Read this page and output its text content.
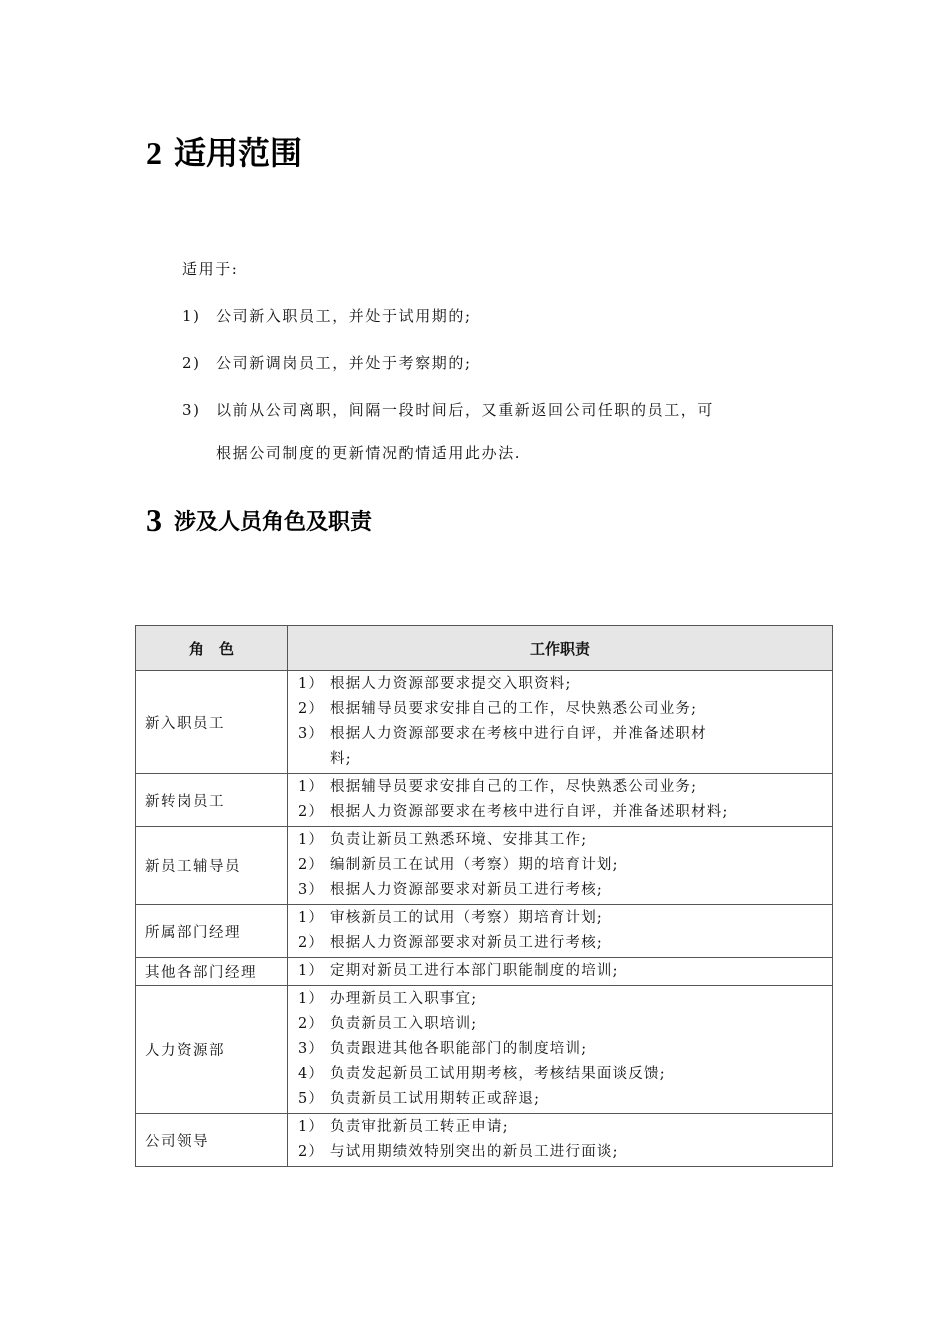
2 适用范围

适用于:

1) 公司新入职员工，并处于试用期的;

2) 公司新调岗员工，并处于考察期的;

3) 以前从公司离职，间隔一段时间后，又重新返回公司任职的员工，可
根据公司制度的更新情况酌情适用此办法.

3 涉及人员角色及职责
角　色	工作职责
新入职员工	1） 根据人力资源部要求提交入职资料;
2） 根据辅导员要求安排自己的工作，尽快熟悉公司业务;
3） 根据人力资源部要求在考核中进行自评，并准备述职材
料;

新转岗员工	1） 根据辅导员要求安排自己的工作，尽快熟悉公司业务;
2） 根据人力资源部要求在考核中进行自评，并准备述职材料;

新员工辅导员	1） 负责让新员工熟悉环境、安排其工作;
2） 编制新员工在试用（考察）期的培育计划;
3） 根据人力资源部要求对新员工进行考核;

所属部门经理	1） 审核新员工的试用（考察）期培育计划;
2） 根据人力资源部要求对新员工进行考核;

其他各部门经理	1） 定期对新员工进行本部门职能制度的培训;

人力资源部	1） 办理新员工入职事宜;
2） 负责新员工入职培训;
3） 负责跟进其他各职能部门的制度培训;
4） 负责发起新员工试用期考核，考核结果面谈反馈;
5） 负责新员工试用期转正或辞退;

公司领导	1） 负责审批新员工转正申请;
2） 与试用期绩效特别突出的新员工进行面谈;
